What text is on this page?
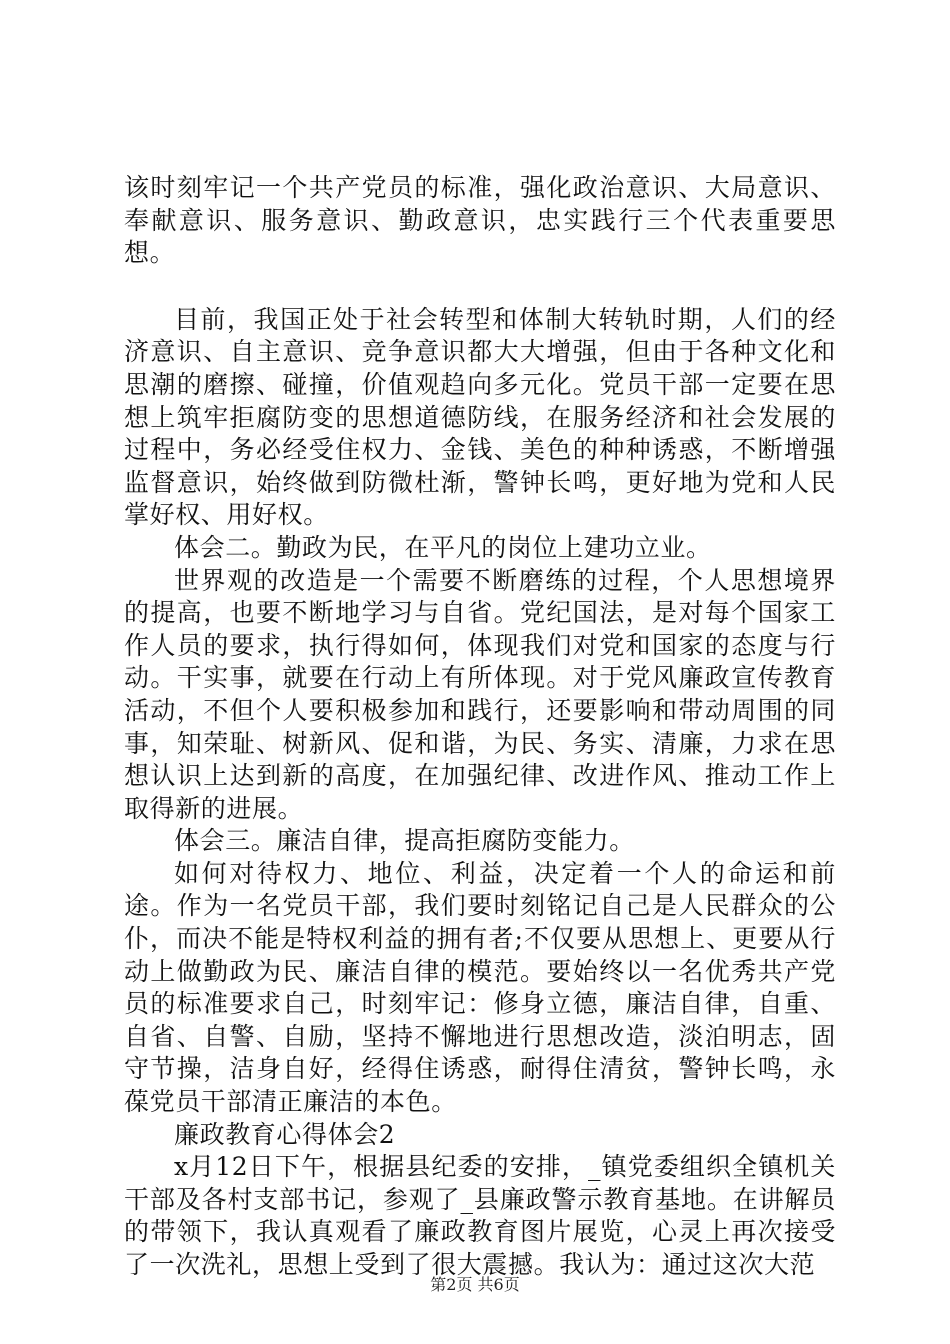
该时刻牢记一个共产党员的标准，强化政治意识、大局意识、奉献意识、服务意识、勤政意识，忠实践行三个代表重要思想。

目前，我国正处于社会转型和体制大转轨时期，人们的经济意识、自主意识、竞争意识都大大增强，但由于各种文化和思潮的磨擦、碰撞，价值观趋向多元化。党员干部一定要在思想上筑牢拒腐防变的思想道德防线，在服务经济和社会发展的过程中，务必经受住权力、金钱、美色的种种诱惑，不断增强监督意识，始终做到防微杜渐，警钟长鸣，更好地为党和人民掌好权、用好权。

体会二。勤政为民，在平凡的岗位上建功立业。

世界观的改造是一个需要不断磨练的过程，个人思想境界的提高，也要不断地学习与自省。党纪国法，是对每个国家工作人员的要求，执行得如何，体现我们对党和国家的态度与行动。干实事，就要在行动上有所体现。对于党风廉政宣传教育活动，不但个人要积极参加和践行，还要影响和带动周围的同事，知荣耻、树新风、促和谐，为民、务实、清廉，力求在思想认识上达到新的高度，在加强纪律、改进作风、推动工作上取得新的进展。

体会三。廉洁自律，提高拒腐防变能力。

如何对待权力、地位、利益，决定着一个人的命运和前途。作为一名党员干部，我们要时刻铭记自己是人民群众的公仆，而决不能是特权利益的拥有者;不仅要从思想上、更要从行动上做勤政为民、廉洁自律的模范。要始终以一名优秀共产党员的标准要求自己，时刻牢记：修身立德，廉洁自律，自重、自省、自警、自励，坚持不懈地进行思想改造，淡泊明志，固守节操，洁身自好，经得住诱惑，耐得住清贫，警钟长鸣，永葆党员干部清正廉洁的本色。

廉政教育心得体会2

x月12日下午，根据县纪委的安排，_镇党委组织全镇机关干部及各村支部书记，参观了_县廉政警示教育基地。在讲解员的带领下，我认真观看了廉政教育图片展览，心灵上再次接受了一次洗礼，思想上受到了很大震撼。我认为：通过这次大范

第2页 共6页
